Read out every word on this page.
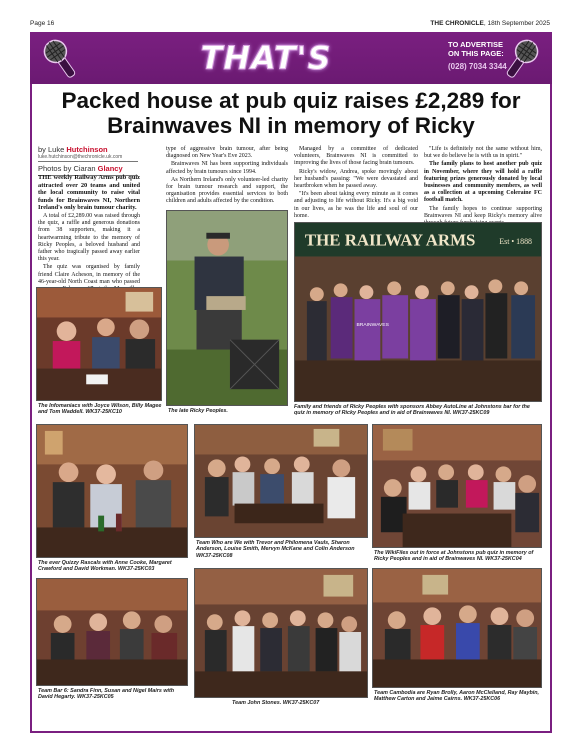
Page 16	THE CHRONICLE, 18th September 2025
THAT'S	TO ADVERTISE
ON THIS PAGE:
(028) 7034 3344
Packed house at pub quiz raises £2,289 for Brainwaves NI in memory of Ricky
by Luke Hutchinson
luke.hutchinson@thechronicle.uk.com
Photos by Ciaran Glancy

THE weekly Railway Arms pub quiz attracted over 20 teams and united the local community to raise vital funds for Brainwaves NI, Northern Ireland's only brain tumour charity.

A total of £2,289.00 was raised through the quiz, a raffle and generous donations from 38 supporters, making it a heartwarming tribute to the memory of Ricky Peoples, a beloved husband and father who tragically passed away earlier this year.

The quiz was organised by family friend Claire Acheson, in memory of the 46-year-old North Coast man who passed

type of aggressive brain tumour, after being diagnosed on New Year's Eve 2023.

Brainwaves NI has been supporting individuals affected by brain tumours since 1994.

As Northern Ireland's only volunteer-led charity for brain tumour research and support, the organisation provides essential services to both children and adults affected by the condition.

Managed by a committee of dedicated volunteers, Brainwaves NI is committed to improving the lives of those facing brain tumours.

Ricky's widow, Andrea, spoke movingly about her husband's passing: "We were devastated and heartbroken when he passed away.

"It's been about taking every minute as it comes and adjusting to life without Ricky. It's a big void in our lives, as he was the life and soul of our home.

"Life is definitely not the same without him, but we do believe he is with us in spirit."

The family plans to host another pub quiz in November, where they will hold a raffle featuring prizes generously donated by local businesses and community members, as well as a collection at a upcoming Coleraine FC football match.

The family hopes to continue supporting Brainwaves NI and keep Ricky's memory alive

The Infomaniacs with Joyce Wilson, Billy Magee and Tom Waddell. WK37-25KC10	The late Ricky Peoples.
THE RAILWAY ARMS	Est • 1888
BRAINWAVES
Family and friends of Ricky Peoples with sponsors Abbey AutoLine at Johnstons bar for the quiz in memory of Ricky Peoples and in aid of Brainwaves NI. WK37-25KC09
The ever Quizzy Rascals with Anne Cooke, Margaret Crawford and David Workman. WK37-25KC03
Team Who are We with Trevor and Philomena Vauls, Sharon Anderson, Louise Smith, Mervyn McKane and Colin Anderson WK37-25KC08	The WikiFiles out in force at Johnstons pub quiz in memory of Ricky Peoples and in aid of Brainwaves NI. WK37-25KC04
Team Bar 6: Sandra Finn, Susan and Nigel Mairs with David Hegarty. WK37-25KC05
Team John Stones. WK37-25KC07
Team Cambodia are Ryan Brolly, Aaron McClelland, Ray Maybin, Matthew Carton and Jaime Cairns. WK37-25KC06
